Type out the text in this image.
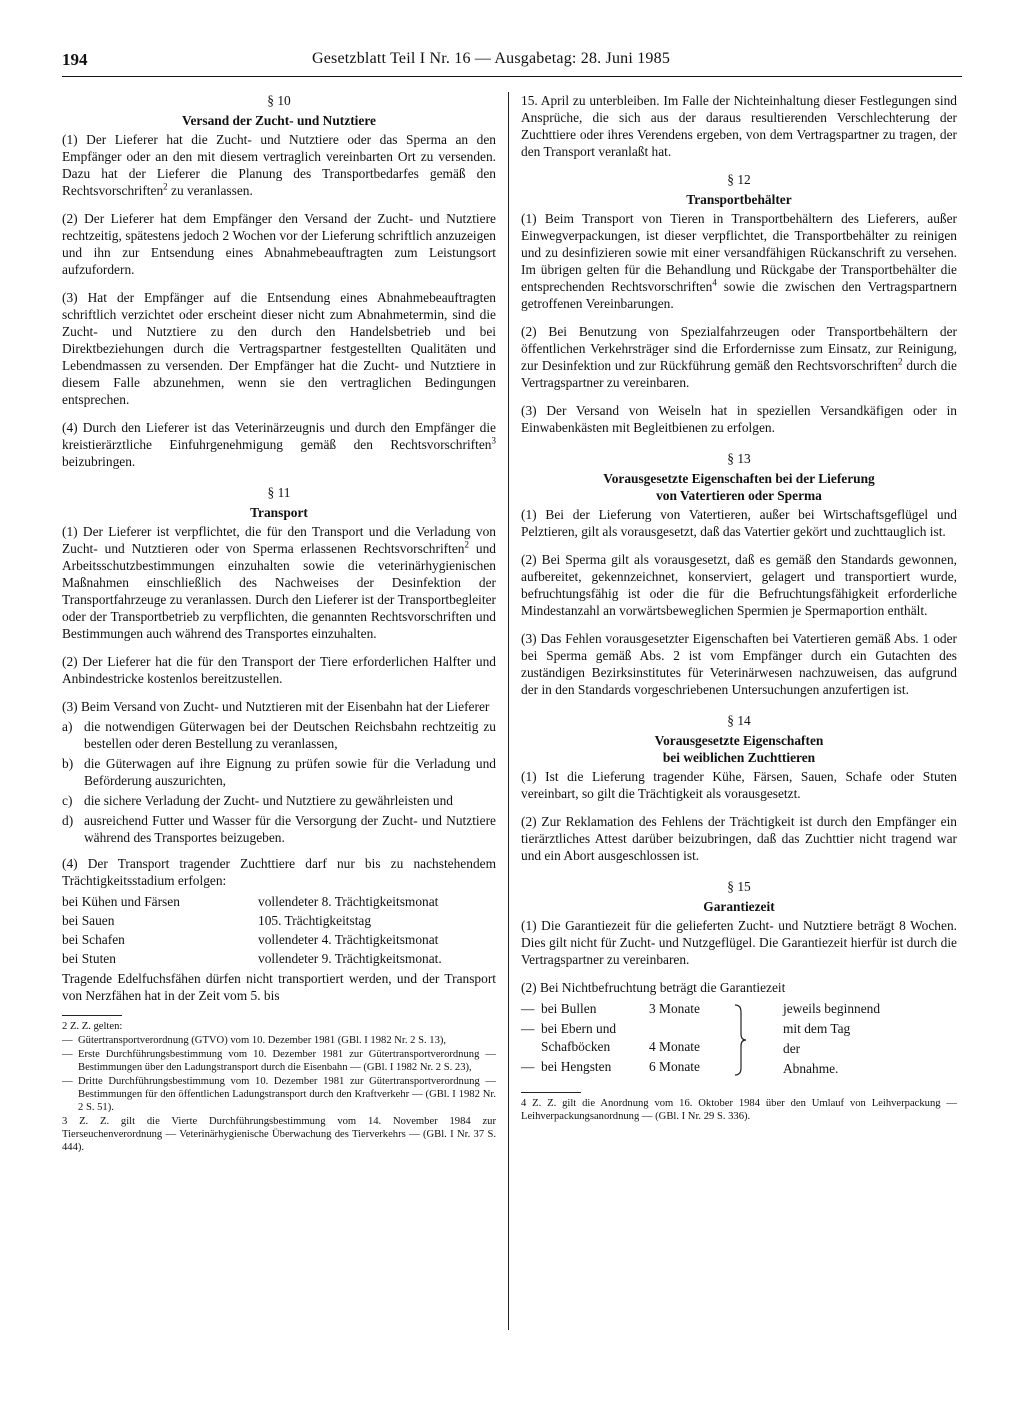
194	Gesetzblatt Teil I Nr. 16 — Ausgabetag: 28. Juni 1985
§ 10
Versand der Zucht- und Nutztiere

(1) Der Lieferer hat die Zucht- und Nutztiere oder das Sperma an den Empfänger oder an den mit diesem vertraglich vereinbarten Ort zu versenden. Dazu hat der Lieferer die Planung des Transportbedarfes gemäß den Rechtsvorschriften$^2$ zu veranlassen.

(2) Der Lieferer hat dem Empfänger den Versand der Zucht- und Nutztiere rechtzeitig, spätestens jedoch 2 Wochen vor der Lieferung schriftlich anzuzeigen und ihn zur Entsendung eines Abnahmebeauftragten zum Leistungsort aufzufordern.

(3) Hat der Empfänger auf die Entsendung eines Abnahmebeauftragten schriftlich verzichtet oder erscheint dieser nicht zum Abnahmetermin, sind die Zucht- und Nutztiere zu den durch den Handelsbetrieb und bei Direktbeziehungen durch die Vertragspartner festgestellten Qualitäten und Lebendmassen zu versenden. Der Empfänger hat die Zucht- und Nutztiere in diesem Falle abzunehmen, wenn sie den vertraglichen Bedingungen entsprechen.

(4) Durch den Lieferer ist das Veterinärzeugnis und durch den Empfänger die kreistierärztliche Einfuhrgenehmigung gemäß den Rechtsvorschriften$^3$ beizubringen.

§ 11
Transport

(1) Der Lieferer ist verpflichtet, die für den Transport und die Verladung von Zucht- und Nutztieren oder von Sperma erlassenen Rechtsvorschriften$^2$ und Arbeitsschutzbestimmungen einzuhalten sowie die veterinärhygienischen Maßnahmen einschließlich des Nachweises der Desinfektion der Transportfahrzeuge zu veranlassen. Durch den Lieferer ist der Transportbegleiter oder der Transportbetrieb zu verpflichten, die genannten Rechtsvorschriften und Bestimmungen auch während des Transportes einzuhalten.

(2) Der Lieferer hat die für den Transport der Tiere erforderlichen Halfter und Anbindestricke kostenlos bereitzustellen.

(3) Beim Versand von Zucht- und Nutztieren mit der Eisenbahn hat der Lieferer

a) die notwendigen Güterwagen bei der Deutschen Reichsbahn rechtzeitig zu bestellen oder deren Bestellung zu veranlassen,
b) die Güterwagen auf ihre Eignung zu prüfen sowie für die Verladung und Beförderung auszurichten,
c) die sichere Verladung der Zucht- und Nutztiere zu gewährleisten und
d) ausreichend Futter und Wasser für die Versorgung der Zucht- und Nutztiere während des Transportes beizugeben.

(4) Der Transport tragender Zuchttiere darf nur bis zu nachstehendem Trächtigkeitsstadium erfolgen:

bei Kühen und Färsen	vollendeter 8. Trächtigkeitsmonat
bei Sauen	105. Trächtigkeitstag
bei Schafen	vollendeter 4. Trächtigkeitsmonat
bei Stuten	vollendeter 9. Trächtigkeitsmonat.

Tragende Edelfuchsfähen dürfen nicht transportiert werden, und der Transport von Nerzfähen hat in der Zeit vom 5. bis

2 Z. Z. gelten:

— Gütertransportverordnung (GTVO) vom 10. Dezember 1981 (GBl. I 1982 Nr. 2 S. 13),

— Erste Durchführungsbestimmung vom 10. Dezember 1981 zur Gütertransportverordnung — Bestimmungen über den Ladungstransport durch die Eisenbahn — (GBl. I 1982 Nr. 2 S. 23),

— Dritte Durchführungsbestimmung vom 10. Dezember 1981 zur Gütertransportverordnung — Bestimmungen für den öffentlichen Ladungstransport durch den Kraftverkehr — (GBl. I 1982 Nr. 2 S. 51).

3 Z. Z. gilt die Vierte Durchführungsbestimmung vom 14. November 1984 zur Tierseuchenverordnung — Veterinärhygienische Überwachung des Tierverkehrs — (GBl. I Nr. 37 S. 444).

15. April zu unterbleiben. Im Falle der Nichteinhaltung dieser Festlegungen sind Ansprüche, die sich aus der daraus resultierenden Verschlechterung der Zuchttiere oder ihres Verendens ergeben, von dem Vertragspartner zu tragen, der den Transport veranlaßt hat.

§ 12
Transportbehälter

(1) Beim Transport von Tieren in Transportbehältern des Lieferers, außer Einwegverpackungen, ist dieser verpflichtet, die Transportbehälter zu reinigen und zu desinfizieren sowie mit einer versandfähigen Rückanschrift zu versehen. Im übrigen gelten für die Behandlung und Rückgabe der Transportbehälter die entsprechenden Rechtsvorschriften$^4$ sowie die zwischen den Vertragspartnern getroffenen Vereinbarungen.

(2) Bei Benutzung von Spezialfahrzeugen oder Transportbehältern der öffentlichen Verkehrsträger sind die Erfordernisse zum Einsatz, zur Reinigung, zur Desinfektion und zur Rückführung gemäß den Rechtsvorschriften$^2$ durch die Vertragspartner zu vereinbaren.

(3) Der Versand von Weiseln hat in speziellen Versandkäfigen oder in Einwabenkästen mit Begleitbienen zu erfolgen.

§ 13
Vorausgesetzte Eigenschaften bei der Lieferung
von Vatertieren oder Sperma

(1) Bei der Lieferung von Vatertieren, außer bei Wirtschaftsgeflügel und Pelztieren, gilt als vorausgesetzt, daß das Vatertier gekört und zuchttauglich ist.

(2) Bei Sperma gilt als vorausgesetzt, daß es gemäß den Standards gewonnen, aufbereitet, gekennzeichnet, konserviert, gelagert und transportiert wurde, befruchtungsfähig ist oder die für die Befruchtungsfähigkeit erforderliche Mindestanzahl an vorwärtsbeweglichen Spermien je Spermaportion enthält.

(3) Das Fehlen vorausgesetzter Eigenschaften bei Vatertieren gemäß Abs. 1 oder bei Sperma gemäß Abs. 2 ist vom Empfänger durch ein Gutachten des zuständigen Bezirksinstitutes für Veterinärwesen nachzuweisen, das aufgrund der in den Standards vorgeschriebenen Untersuchungen anzufertigen ist.

§ 14
Vorausgesetzte Eigenschaften
bei weiblichen Zuchttieren

(1) Ist die Lieferung tragender Kühe, Färsen, Sauen, Schafe oder Stuten vereinbart, so gilt die Trächtigkeit als vorausgesetzt.

(2) Zur Reklamation des Fehlens der Trächtigkeit ist durch den Empfänger ein tierärztliches Attest darüber beizubringen, daß das Zuchttier nicht tragend war und ein Abort ausgeschlossen ist.

§ 15
Garantiezeit

(1) Die Garantiezeit für die gelieferten Zucht- und Nutztiere beträgt 8 Wochen. Dies gilt nicht für Zucht- und Nutzgeflügel. Die Garantiezeit hierfür ist durch die Vertragspartner zu vereinbaren.

(2) Bei Nichtbefruchtung beträgt die Garantiezeit

— bei Bullen	3 Monate
— bei Ebern und
Schafböcken	4 Monate
— bei Hengsten	6 Monate
jeweils beginnend
mit dem Tag
der
Abnahme.
4 Z. Z. gilt die Anordnung vom 16. Oktober 1984 über den Umlauf von Leihverpackung — Leihverpackungsanordnung — (GBl. I Nr. 29 S. 336).
